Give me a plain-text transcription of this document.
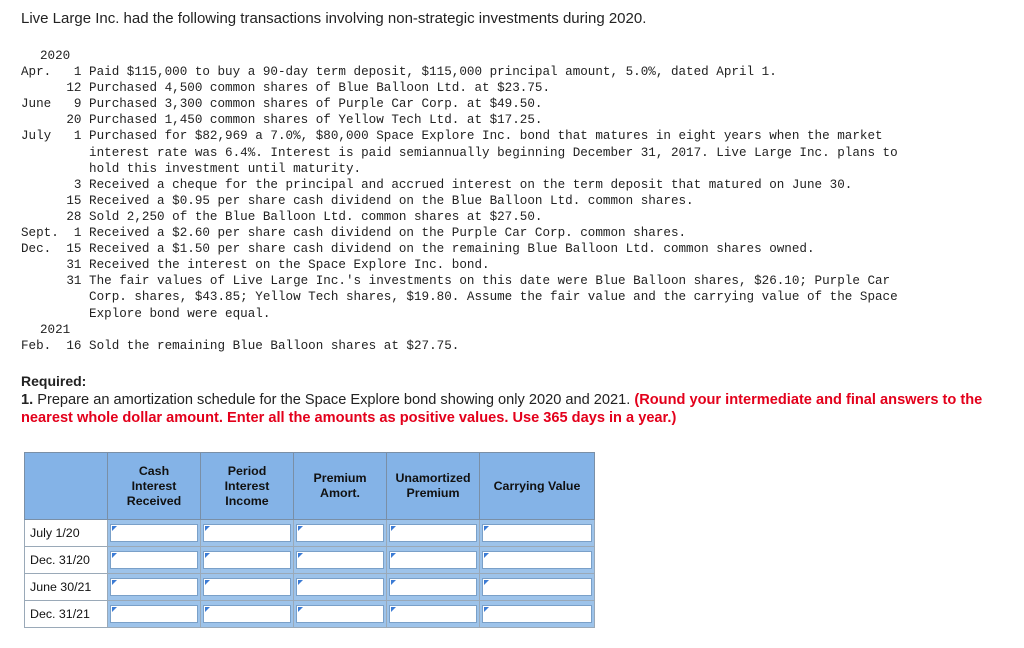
Live Large Inc. had the following transactions involving non-strategic investments during 2020.
2020
Apr.   1 Paid $115,000 to buy a 90-day term deposit, $115,000 principal amount, 5.0%, dated April 1.
12 Purchased 4,500 common shares of Blue Balloon Ltd. at $23.75.
June   9 Purchased 3,300 common shares of Purple Car Corp. at $49.50.
20 Purchased 1,450 common shares of Yellow Tech Ltd. at $17.25.
July   1 Purchased for $82,969 a 7.0%, $80,000 Space Explore Inc. bond that matures in eight years when the market
interest rate was 6.4%. Interest is paid semiannually beginning December 31, 2017. Live Large Inc. plans to
hold this investment until maturity.
3 Received a cheque for the principal and accrued interest on the term deposit that matured on June 30.
15 Received a $0.95 per share cash dividend on the Blue Balloon Ltd. common shares.
28 Sold 2,250 of the Blue Balloon Ltd. common shares at $27.50.
Sept.  1 Received a $2.60 per share cash dividend on the Purple Car Corp. common shares.
Dec.  15 Received a $1.50 per share cash dividend on the remaining Blue Balloon Ltd. common shares owned.
31 Received the interest on the Space Explore Inc. bond.
31 The fair values of Live Large Inc.'s investments on this date were Blue Balloon shares, $26.10; Purple Car
Corp. shares, $43.85; Yellow Tech shares, $19.80. Assume the fair value and the carrying value of the Space
Explore bond were equal.
2021
Feb.  16 Sold the remaining Blue Balloon shares at $27.75.
Required:
1. Prepare an amortization schedule for the Space Explore bond showing only 2020 and 2021. (Round your intermediate and final answers to the nearest whole dollar amount. Enter all the amounts as positive values. Use 365 days in a year.)
	Cash
Interest
Received	Period
Interest
Income	Premium
Amort.	Unamortized
Premium	Carrying Value
July 1/20	

Dec. 31/20	

June 30/21	

Dec. 31/21	
